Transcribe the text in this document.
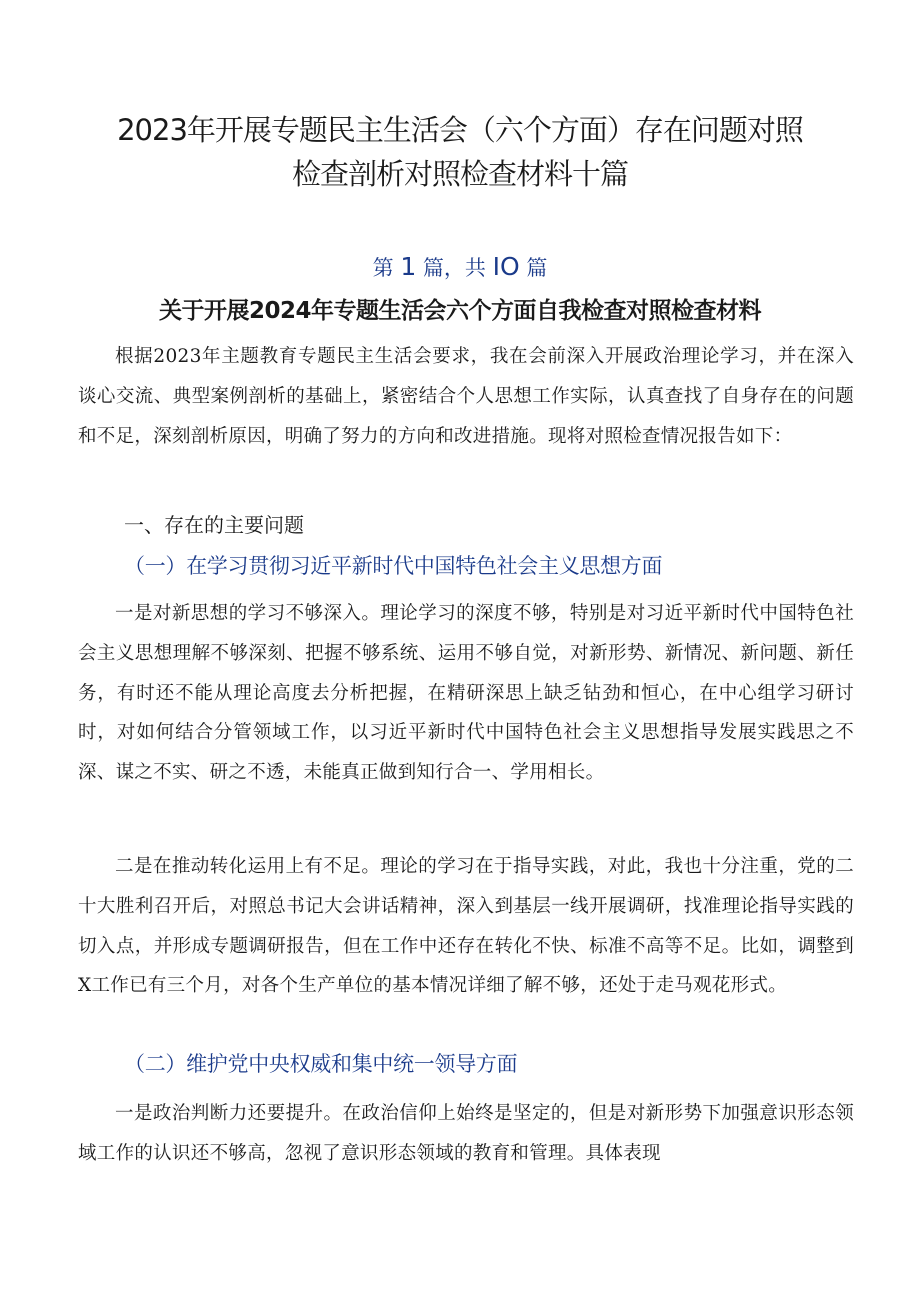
2023年开展专题民主生活会（六个方面）存在问题对照
检查剖析对照检查材料十篇
第 1 篇，共 IO 篇
关于开展2024年专题生活会六个方面自我检查对照检查材料

根据2023年主题教育专题民主生活会要求，我在会前深入开展政治理论学习，并在深入谈心交流、典型案例剖析的基础上，紧密结合个人思想工作实际，认真查找了自身存在的问题和不足，深刻剖析原因，明确了努力的方向和改进措施。现将对照检查情况报告如下：

一、存在的主要问题
（一）在学习贯彻习近平新时代中国特色社会主义思想方面

一是对新思想的学习不够深入。理论学习的深度不够，特别是对习近平新时代中国特色社会主义思想理解不够深刻、把握不够系统、运用不够自觉，对新形势、新情况、新问题、新任务，有时还不能从理论高度去分析把握，在精研深思上缺乏钻劲和恒心，在中心组学习研讨时，对如何结合分管领域工作，以习近平新时代中国特色社会主义思想指导发展实践思之不深、谋之不实、研之不透，未能真正做到知行合一、学用相长。

二是在推动转化运用上有不足。理论的学习在于指导实践，对此，我也十分注重，党的二十大胜利召开后，对照总书记大会讲话精神，深入到基层一线开展调研，找准理论指导实践的切入点，并形成专题调研报告，但在工作中还存在转化不快、标准不高等不足。比如，调整到X工作已有三个月，对各个生产单位的基本情况详细了解不够，还处于走马观花形式。

（二）维护党中央权威和集中统一领导方面

一是政治判断力还要提升。在政治信仰上始终是坚定的，但是对新形势下加强意识形态领域工作的认识还不够高，忽视了意识形态领域的教育和管理。具体表现
